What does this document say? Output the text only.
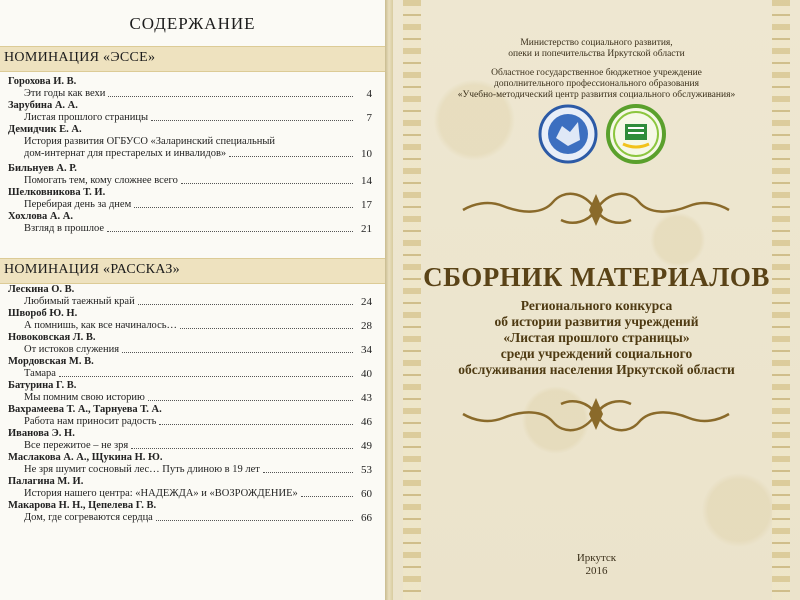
СОДЕРЖАНИЕ
НОМИНАЦИЯ «ЭССЕ»
Горохова И. В.
Эти годы как вехи	4
Зарубина А. А.
Листая прошлого страницы	7
Демидчик Е. А.
История развития ОГБУСО «Заларинский специальный
дом-интернат для престарелых и инвалидов»	10
Бильнуев А. Р.
Помогать тем, кому сложнее всего	14
Шелковникова Т. И.
Перебирая день за днем	17
Хохлова А. А.
Взгляд в прошлое	21
НОМИНАЦИЯ «РАССКАЗ»
Лескина О. В.
Любимый таежный край	24
Швороб Ю. Н.
А помнишь, как все начиналось…	28
Новоковская Л. В.
От истоков служения	34
Мордовская М. В.
Тамара	40
Батурина Г. В.
Мы помним свою историю	43
Вахрамеева Т. А., Тарнуева Т. А.
Работа нам приносит радость	46
Иванова Э. Н.
Все пережитое – не зря	49
Маслакова А. А., Щукина Н. Ю.
Не зря шумит сосновый лес… Путь длиною в 19 лет	53
Палагина М. И.
История нашего центра: «НАДЕЖДА» и «ВОЗРОЖДЕНИЕ»	60
Макарова Н. Н., Цепелева Г. В.
Дом, где согреваются сердца	66
Министерство социального развития,
опеки и попечительства Иркутской области
Областное государственное бюджетное учреждение
дополнительного профессионального образования
«Учебно-методический центр развития социального обслуживания»
СБОРНИК МАТЕРИАЛОВ
Регионального конкурса
об истории развития учреждений
«Листая прошлого страницы»
среди учреждений социального
обслуживания населения Иркутской области
Иркутск
2016
